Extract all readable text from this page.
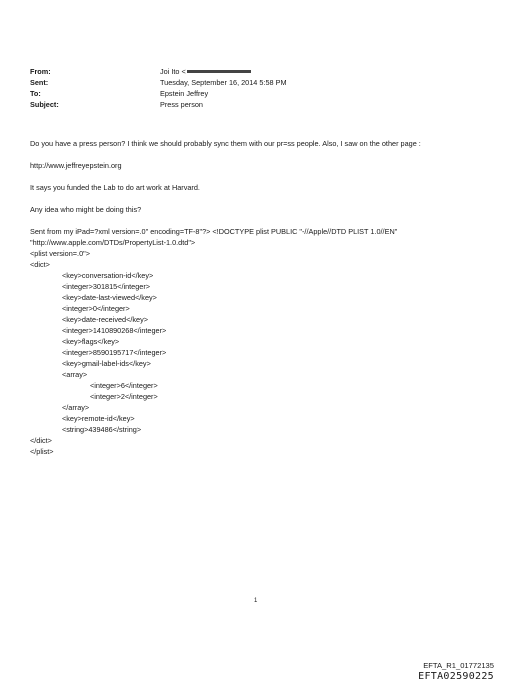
From:	Joi Ito <
Sent:	Tuesday, September 16, 2014 5:58 PM
To:	Epstein Jeffrey
Subject:	Press person

Do you have a press person? I think we should probably sync them with our pr=ss people. Also, I saw on the other page :

http://www.jeffreyepstein.org

It says you funded the Lab to do art work at Harvard.

Any idea who might be doing this?

Sent from my iPad=?xml version=.0" encoding=TF-8"?> <!DOCTYPE plist PUBLIC "-//Apple//DTD PLIST 1.0//EN"
"http://www.apple.com/DTDs/PropertyList-1.0.dtd">
<plist version=.0">
<dict>
<key>conversation-id</key>
<integer>301815</integer>
<key>date-last-viewed</key>
<integer>0</integer>
<key>date-received</key>
<integer>1410890268</integer>
<key>flags</key>
<integer>8590195717</integer>
<key>gmail-label-ids</key>
<array>
<integer>6</integer>
<integer>2</integer>
</array>
<key>remote-id</key>
<string>439486</string>
</dict>
</plist>
1
EFTA_R1_01772135
EFTA02590225
